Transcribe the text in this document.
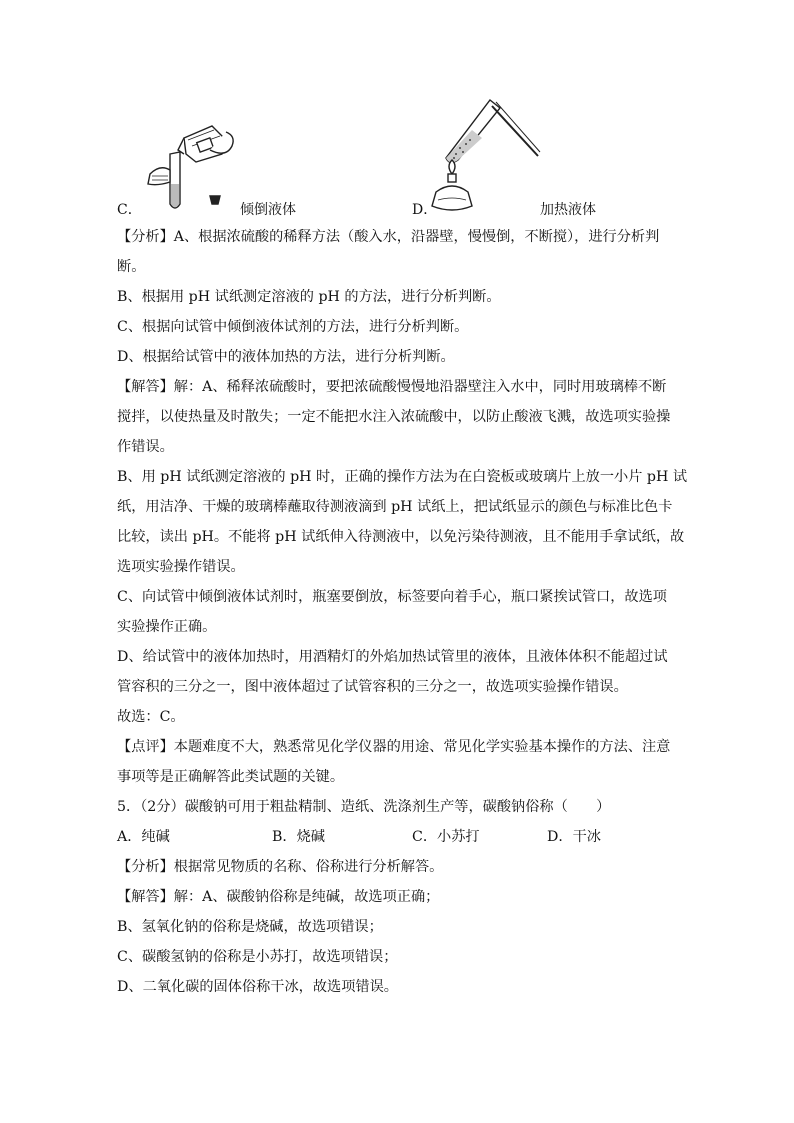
C．	倾倒液体	D．	加热液体
【分析】A、根据浓硫酸的稀释方法（酸入水，沿器壁，慢慢倒，不断搅），进行分析判
断。
B、根据用 pH 试纸测定溶液的 pH 的方法，进行分析判断。
C、根据向试管中倾倒液体试剂的方法，进行分析判断。
D、根据给试管中的液体加热的方法，进行分析判断。
【解答】解：A、稀释浓硫酸时，要把浓硫酸慢慢地沿器壁注入水中，同时用玻璃棒不断
搅拌，以使热量及时散失；一定不能把水注入浓硫酸中，以防止酸液飞溅，故选项实验操
作错误。
B、用 pH 试纸测定溶液的 pH 时，正确的操作方法为在白瓷板或玻璃片上放一小片 pH 试
纸，用洁净、干燥的玻璃棒蘸取待测液滴到 pH 试纸上，把试纸显示的颜色与标准比色卡
比较，读出 pH。不能将 pH 试纸伸入待测液中，以免污染待测液，且不能用手拿试纸，故
选项实验操作错误。
C、向试管中倾倒液体试剂时，瓶塞要倒放，标签要向着手心，瓶口紧挨试管口，故选项
实验操作正确。
D、给试管中的液体加热时，用酒精灯的外焰加热试管里的液体，且液体体积不能超过试
管容积的三分之一，图中液体超过了试管容积的三分之一，故选项实验操作错误。
故选：C。
【点评】本题难度不大，熟悉常见化学仪器的用途、常见化学实验基本操作的方法、注意
事项等是正确解答此类试题的关键。
5．（2分）碳酸钠可用于粗盐精制、造纸、洗涤剂生产等，碳酸钠俗称（　　）
A．纯碱	B．烧碱	C．小苏打	D．干冰
【分析】根据常见物质的名称、俗称进行分析解答。
【解答】解：A、碳酸钠俗称是纯碱，故选项正确；
B、氢氧化钠的俗称是烧碱，故选项错误；
C、碳酸氢钠的俗称是小苏打，故选项错误；
D、二氧化碳的固体俗称干冰，故选项错误。
